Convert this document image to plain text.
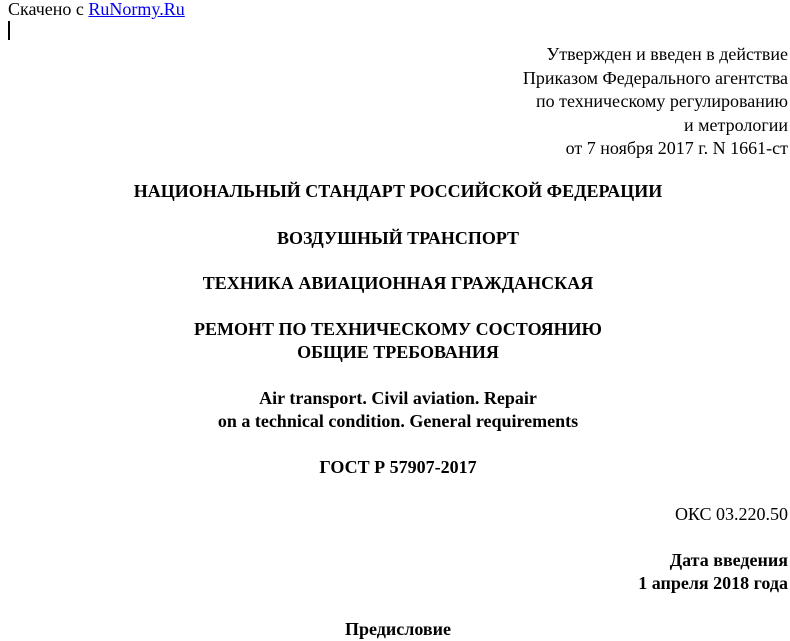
Скачено с RuNormy.Ru
Утвержден и введен в действие
Приказом Федерального агентства
по техническому регулированию
и метрологии
от 7 ноября 2017 г. N 1661-ст
НАЦИОНАЛЬНЫЙ СТАНДАРТ РОССИЙСКОЙ ФЕДЕРАЦИИ
ВОЗДУШНЫЙ ТРАНСПОРТ
ТЕХНИКА АВИАЦИОННАЯ ГРАЖДАНСКАЯ
РЕМОНТ ПО ТЕХНИЧЕСКОМУ СОСТОЯНИЮ
ОБЩИЕ ТРЕБОВАНИЯ
Air transport. Civil aviation. Repair
on a technical condition. General requirements
ГОСТ Р 57907-2017
ОКС 03.220.50
Дата введения
1 апреля 2018 года
Предисловие
